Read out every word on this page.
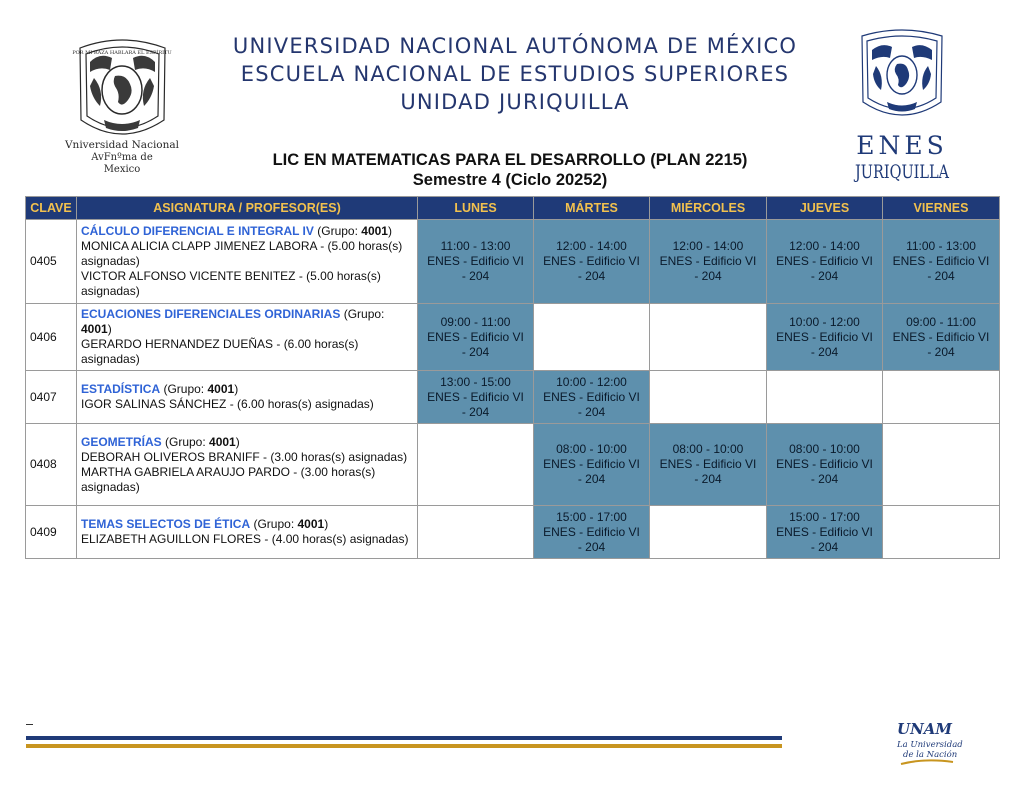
POR MI RAZA HABLARÁ EL ESPÍRITU
Vniversidad Nacional
AvFnºma de
Mexico
UNIVERSIDAD NACIONAL AUTÓNOMA DE MÉXICO
ESCUELA NACIONAL DE ESTUDIOS SUPERIORES
UNIDAD JURIQUILLA
ENES
JURIQUILLA
LIC EN MATEMATICAS PARA EL DESARROLLO (PLAN 2215)
Semestre 4 (Ciclo 20252)
CLAVE	ASIGNATURA / PROFESOR(ES)	LUNES	MÁRTES	MIÉRCOLES	JUEVES	VIERNES
0405	CÁLCULO DIFERENCIAL E INTEGRAL IV (Grupo: 4001)
MONICA ALICIA CLAPP JIMENEZ LABORA - (5.00 horas(s) asignadas)
VICTOR ALFONSO VICENTE BENITEZ - (5.00 horas(s) asignadas)	11:00 - 13:00
ENES - Edificio VI
- 204	12:00 - 14:00
ENES - Edificio VI
- 204	12:00 - 14:00
ENES - Edificio VI
- 204	12:00 - 14:00
ENES - Edificio VI
- 204	11:00 - 13:00
ENES - Edificio VI
- 204
0406	ECUACIONES DIFERENCIALES ORDINARIAS (Grupo:
4001)
GERARDO HERNANDEZ DUEÑAS - (6.00 horas(s) asignadas)	09:00 - 11:00
ENES - Edificio VI
- 204			10:00 - 12:00
ENES - Edificio VI
- 204	09:00 - 11:00
ENES - Edificio VI
- 204
0407	ESTADÍSTICA (Grupo: 4001)
IGOR SALINAS SÁNCHEZ - (6.00 horas(s) asignadas)	13:00 - 15:00
ENES - Edificio VI
- 204	10:00 - 12:00
ENES - Edificio VI
- 204			
0408	GEOMETRÍAS (Grupo: 4001)
DEBORAH OLIVEROS BRANIFF - (3.00 horas(s) asignadas)
MARTHA GABRIELA ARAUJO PARDO - (3.00 horas(s) asignadas)		08:00 - 10:00
ENES - Edificio VI
- 204	08:00 - 10:00
ENES - Edificio VI
- 204	08:00 - 10:00
ENES - Edificio VI
- 204	
0409	TEMAS SELECTOS DE ÉTICA (Grupo: 4001)
ELIZABETH AGUILLON FLORES - (4.00 horas(s) asignadas)		15:00 - 17:00
ENES - Edificio VI
- 204		15:00 - 17:00
ENES - Edificio VI
- 204	
UNAM
La Universidad
de la Nación
